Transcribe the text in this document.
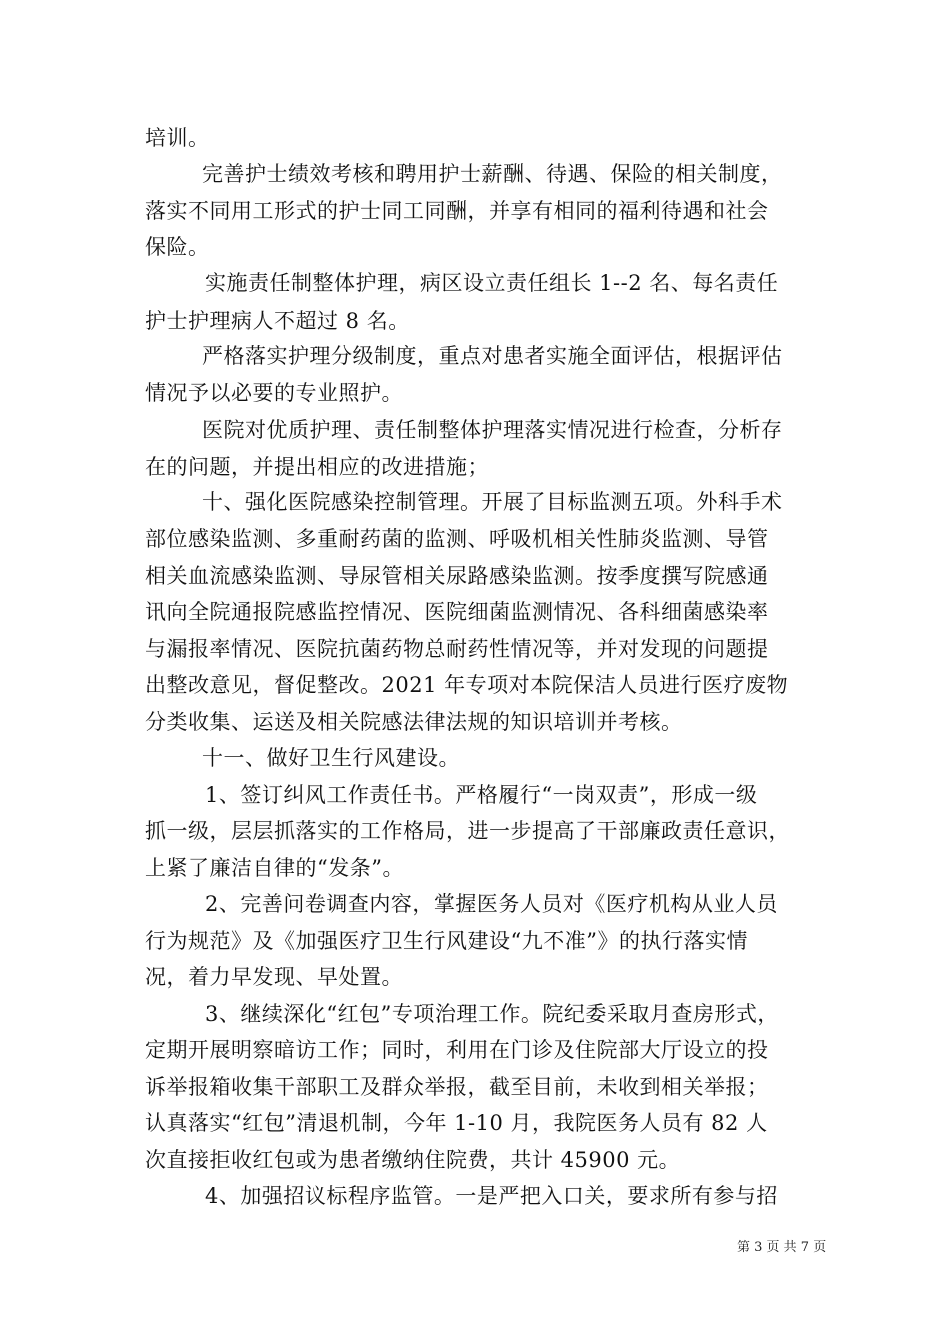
培训。
完善护士绩效考核和聘用护士薪酬、待遇、保险的相关制度，
落实不同用工形式的护士同工同酬，并享有相同的福利待遇和社会
保险。
实施责任制整体护理，病区设立责任组长 1--2 名、每名责任
护士护理病人不超过 8 名。
严格落实护理分级制度，重点对患者实施全面评估，根据评估
情况予以必要的专业照护。
医院对优质护理、责任制整体护理落实情况进行检查，分析存
在的问题，并提出相应的改进措施；
十、强化医院感染控制管理。开展了目标监测五项。外科手术
部位感染监测、多重耐药菌的监测、呼吸机相关性肺炎监测、导管
相关血流感染监测、导尿管相关尿路感染监测。按季度撰写院感通
讯向全院通报院感监控情况、医院细菌监测情况、各科细菌感染率
与漏报率情况、医院抗菌药物总耐药性情况等，并对发现的问题提
出整改意见，督促整改。2021 年专项对本院保洁人员进行医疗废物
分类收集、运送及相关院感法律法规的知识培训并考核。
十一、做好卫生行风建设。
1、签订纠风工作责任书。严格履行“一岗双责”，形成一级
抓一级，层层抓落实的工作格局，进一步提高了干部廉政责任意识，
上紧了廉洁自律的“发条”。
2、完善问卷调查内容，掌握医务人员对《医疗机构从业人员
行为规范》及《加强医疗卫生行风建设“九不准”》的执行落实情
况，着力早发现、早处置。
3、继续深化“红包”专项治理工作。院纪委采取月查房形式，
定期开展明察暗访工作；同时，利用在门诊及住院部大厅设立的投
诉举报箱收集干部职工及群众举报，截至目前，未收到相关举报；
认真落实“红包”清退机制，今年 1-10 月，我院医务人员有 82 人
次直接拒收红包或为患者缴纳住院费，共计 45900 元。
4、加强招议标程序监管。一是严把入口关，要求所有参与招
第 3 页 共 7 页
